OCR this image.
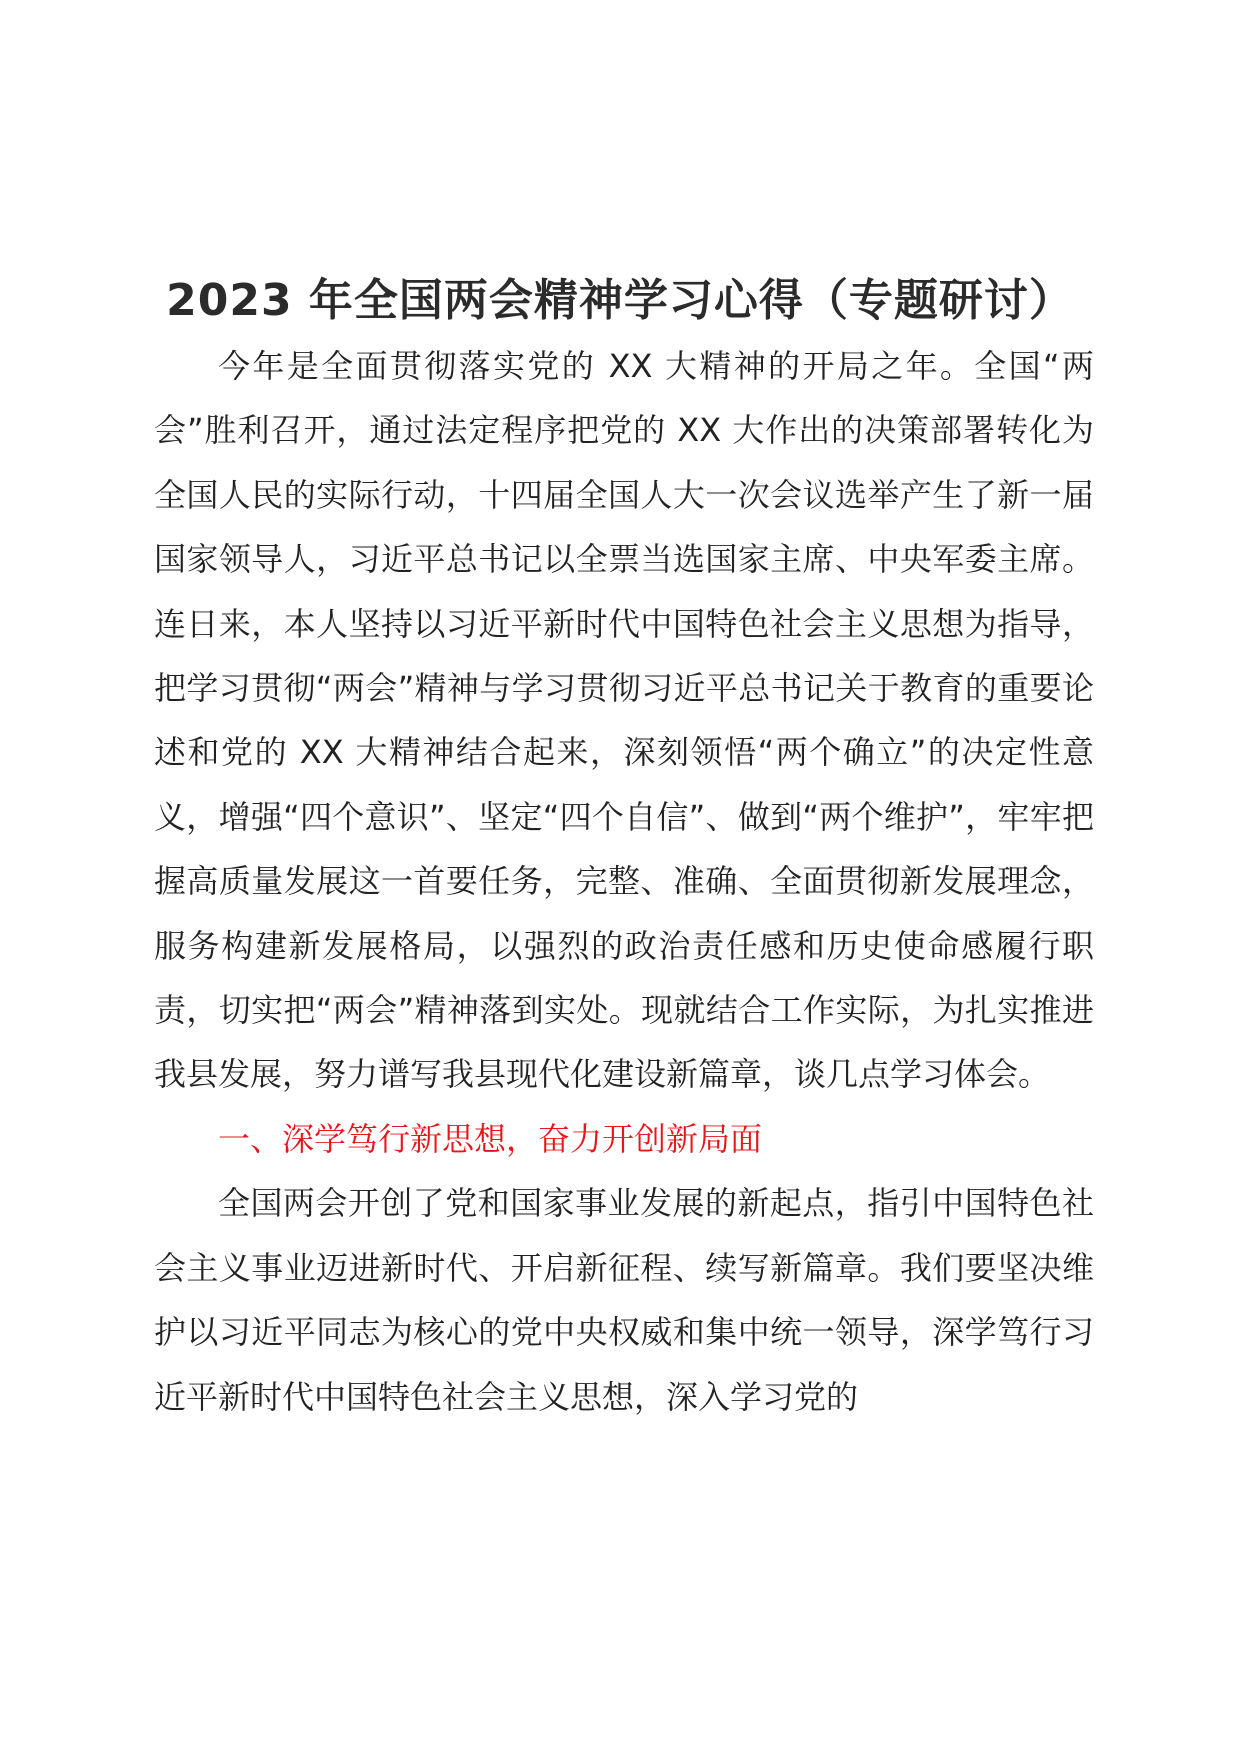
2023 年全国两会精神学习心得（专题研讨）

今年是全面贯彻落实党的 XX 大精神的开局之年。全国“两会”胜利召开，通过法定程序把党的 XX 大作出的决策部署转化为全国人民的实际行动，十四届全国人大一次会议选举产生了新一届国家领导人，习近平总书记以全票当选国家主席、中央军委主席。连日来，本人坚持以习近平新时代中国特色社会主义思想为指导，把学习贯彻“两会”精神与学习贯彻习近平总书记关于教育的重要论述和党的 XX 大精神结合起来，深刻领悟“两个确立”的决定性意义，增强“四个意识”、坚定“四个自信”、做到“两个维护”，牢牢把握高质量发展这一首要任务，完整、准确、全面贯彻新发展理念，服务构建新发展格局，以强烈的政治责任感和历史使命感履行职责，切实把“两会”精神落到实处。现就结合工作实际，为扎实推进我县发展，努力谱写我县现代化建设新篇章，谈几点学习体会。

一、深学笃行新思想，奋力开创新局面

全国两会开创了党和国家事业发展的新起点，指引中国特色社会主义事业迈进新时代、开启新征程、续写新篇章。我们要坚决维护以习近平同志为核心的党中央权威和集中统一领导，深学笃行习近平新时代中国特色社会主义思想，深入学习党的
